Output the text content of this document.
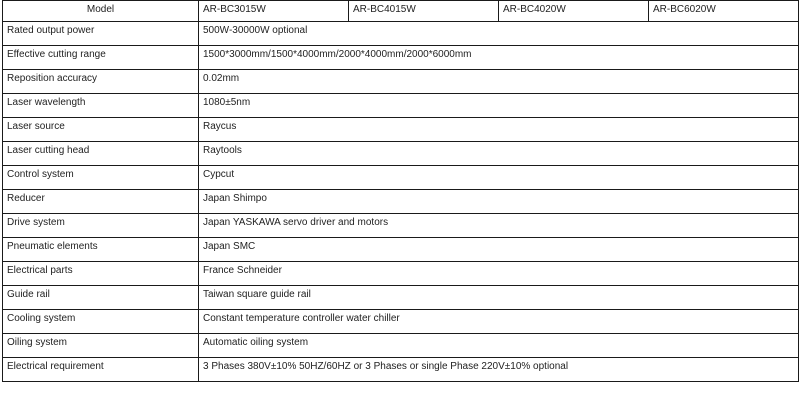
Model	AR-BC3015W	AR-BC4015W	AR-BC4020W	AR-BC6020W
Rated output power	500W-30000W optional			
Effective cutting range	1500*3000mm/1500*4000mm/2000*4000mm/2000*6000mm			
Reposition accuracy	0.02mm			
Laser wavelength	1080±5nm			
Laser source	Raycus			
Laser cutting head	Raytools			
Control system	Cypcut			
Reducer	Japan Shimpo			
Drive system	Japan YASKAWA servo driver and motors			
Pneumatic elements	Japan SMC			
Electrical parts	France Schneider			
Guide rail	Taiwan square guide rail			
Cooling system	Constant temperature controller water chiller			
Oiling system	Automatic oiling system			
Electrical requirement	3 Phases 380V±10% 50HZ/60HZ or 3 Phases or single Phase 220V±10% optional			
